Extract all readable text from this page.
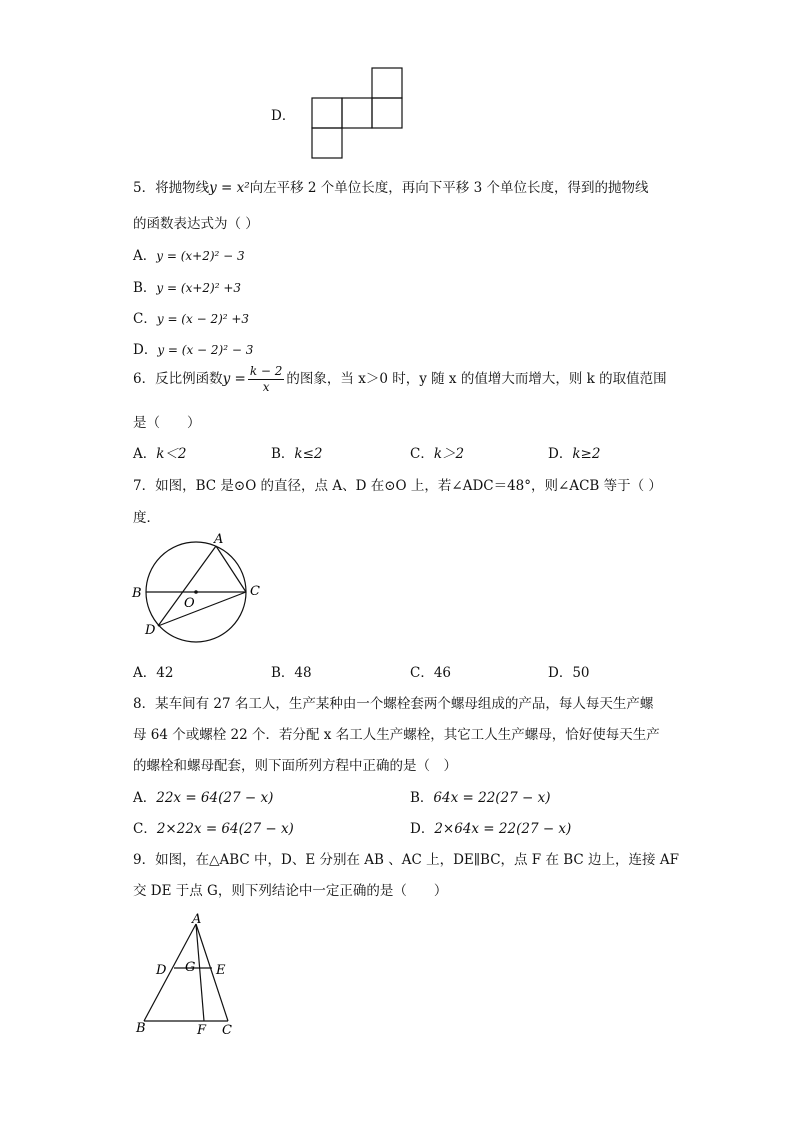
D．
5．将抛物线y = x²向左平移 2 个单位长度，再向下平移 3 个单位长度，得到的抛物线
的函数表达式为（ ）
A．y = (x+2)² − 3
B．y = (x+2)² +3
C．y = (x − 2)² +3
D．y = (x − 2)² − 3
6．反比例函数$y = \frac{k - 2}{x}$ 的图象，当 x＞0 时，y 随 x 的值增大而增大，则 k 的取值范围
是（　　）
A．k＜2	B．k≤2	C．k＞2	D．k≥2
7．如图，BC 是⊙O 的直径，点 A、D 在⊙O 上，若∠ADC＝48°，则∠ACB 等于（ ）
度．
A
B	C
D
O
A．42	B．48	C．46	D．50
8．某车间有 27 名工人，生产某种由一个螺栓套两个螺母组成的产品，每人每天生产螺
母 64 个或螺栓 22 个．若分配 x 名工人生产螺栓，其它工人生产螺母，恰好使每天生产
的螺栓和螺母配套，则下面所列方程中正确的是（　）
A．22x = 64(27 − x)	B．64x = 22(27 − x)
C．2×22x = 64(27 − x)	D．2×64x = 22(27 − x)
9．如图，在△ABC 中，D、E 分别在 AB 、AC 上，DE∥BC，点 F 在 BC 边上，连接 AF
交 DE 于点 G，则下列结论中一定正确的是（　　）
A
B	C
D	E
F
G
